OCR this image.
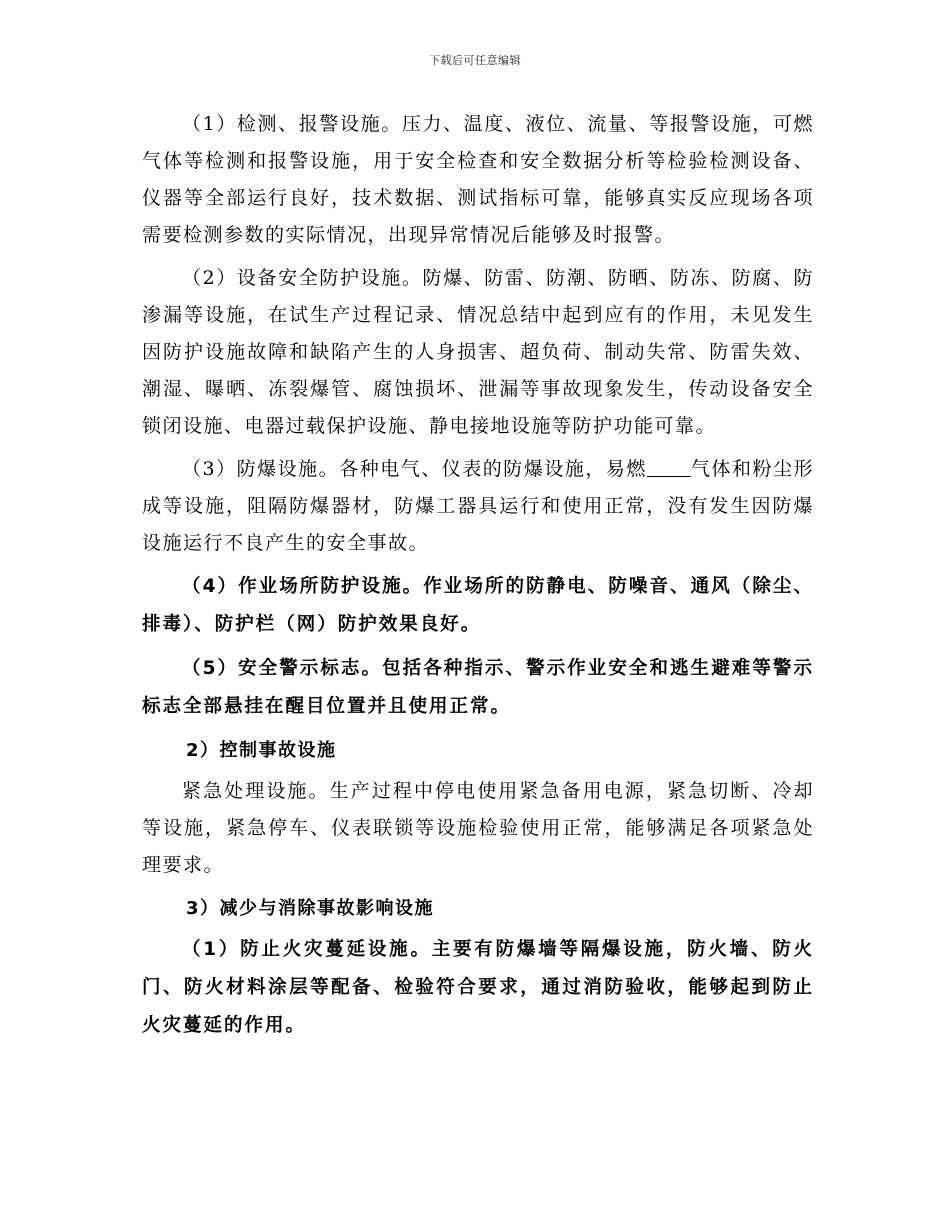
下载后可任意编辑

（1）检测、报警设施。压力、温度、液位、流量、等报警设施，可燃气体等检测和报警设施，用于安全检查和安全数据分析等检验检测设备、仪器等全部运行良好，技术数据、测试指标可靠，能够真实反应现场各项需要检测参数的实际情况，出现异常情况后能够及时报警。

（2）设备安全防护设施。防爆、防雷、防潮、防晒、防冻、防腐、防渗漏等设施，在试生产过程记录、情况总结中起到应有的作用，未见发生因防护设施故障和缺陷产生的人身损害、超负荷、制动失常、防雷失效、潮湿、曝晒、冻裂爆管、腐蚀损坏、泄漏等事故现象发生，传动设备安全锁闭设施、电器过载保护设施、静电接地设施等防护功能可靠。

（3）防爆设施。各种电气、仪表的防爆设施，易燃 气体和粉尘形成等设施，阻隔防爆器材，防爆工器具运行和使用正常，没有发生因防爆设施运行不良产生的安全事故。

（4）作业场所防护设施。作业场所的防静电、防噪音、通风（除尘、排毒）、防护栏（网）防护效果良好。

（5）安全警示标志。包括各种指示、警示作业安全和逃生避难等警示标志全部悬挂在醒目位置并且使用正常。

2）控制事故设施

紧急处理设施。生产过程中停电使用紧急备用电源，紧急切断、冷却等设施，紧急停车、仪表联锁等设施检验使用正常，能够满足各项紧急处理要求。

3）减少与消除事故影响设施

（1）防止火灾蔓延设施。主要有防爆墙等隔爆设施，防火墙、防火门、防火材料涂层等配备、检验符合要求，通过消防验收，能够起到防止火灾蔓延的作用。
